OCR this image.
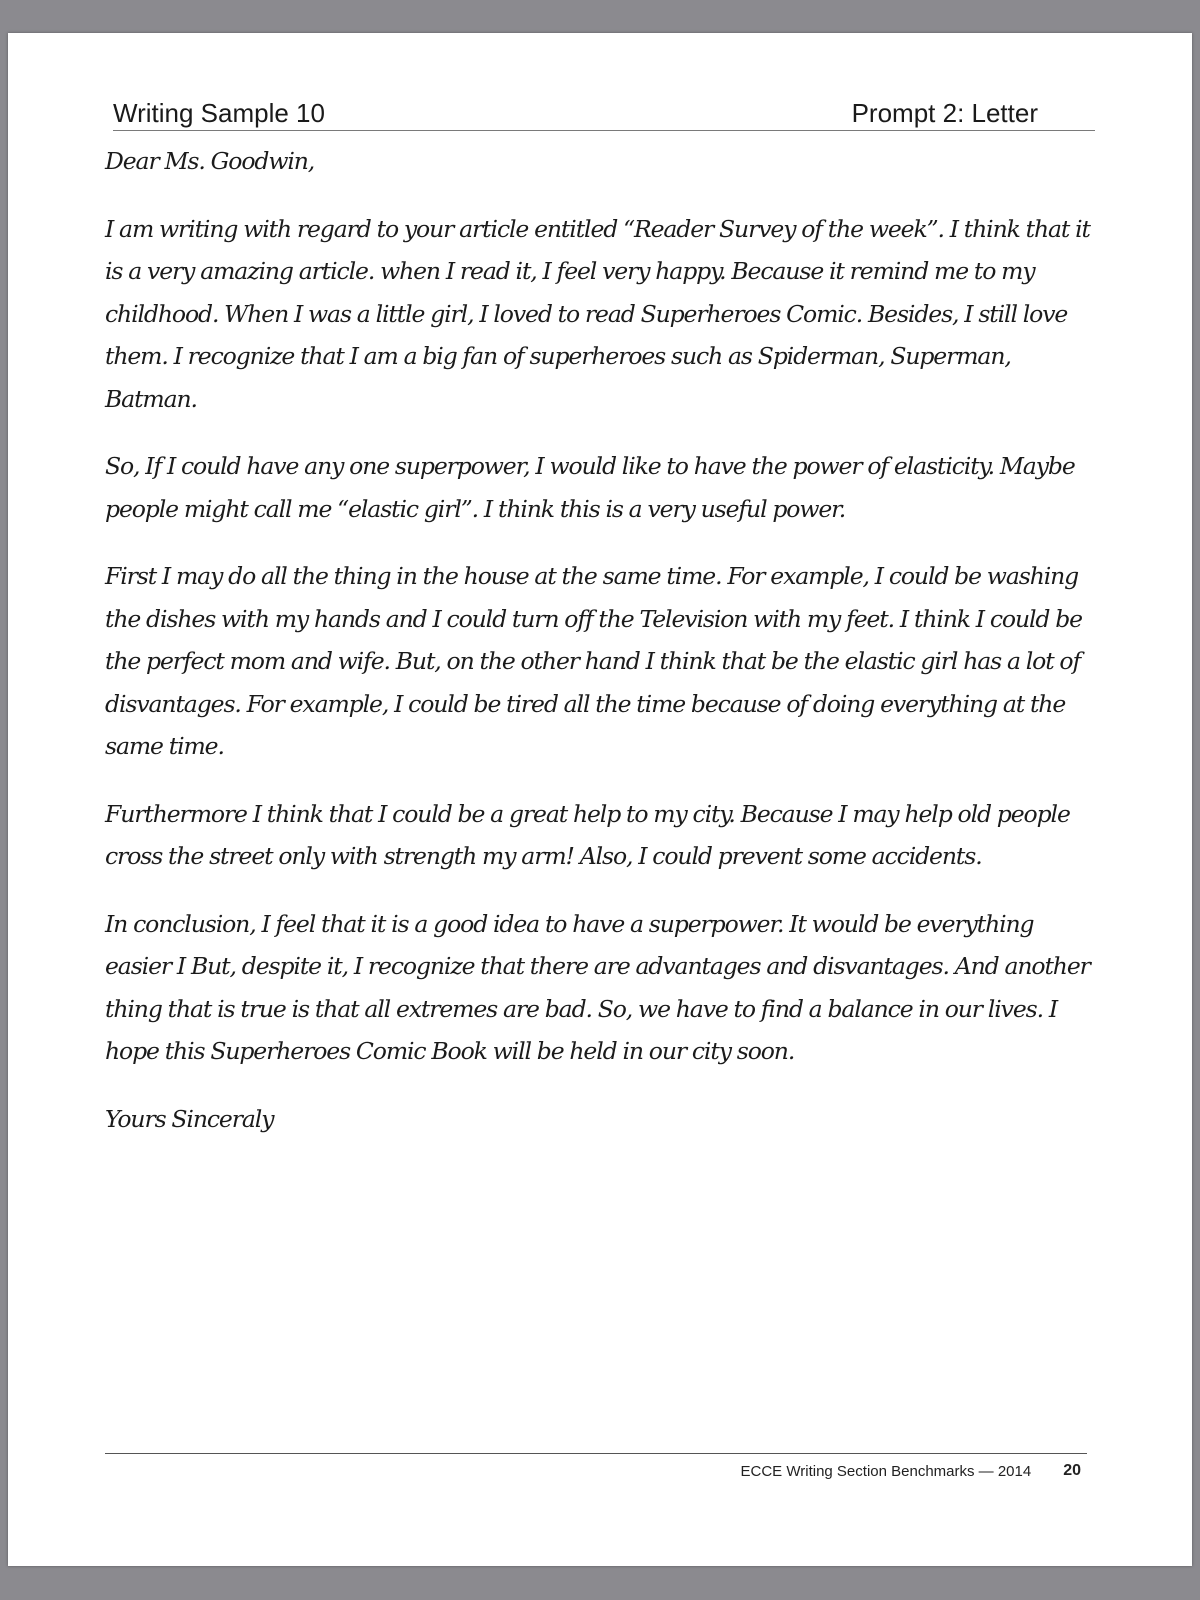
Writing Sample 10	Prompt 2: Letter

Dear Ms. Goodwin,

I am writing with regard to your article entitled “Reader Survey of the week”. I think that it is a very amazing article. when I read it, I feel very happy. Because it remind me to my childhood. When I was a little girl, I loved to read Superheroes Comic. Besides, I still love them. I recognize that I am a big fan of superheroes such as Spiderman, Superman, Batman.

So, If I could have any one superpower, I would like to have the power of elasticity. Maybe people might call me “elastic girl”. I think this is a very useful power.

First I may do all the thing in the house at the same time. For example, I could be washing the dishes with my hands and I could turn off the Television with my feet. I think I could be the perfect mom and wife. But, on the other hand I think that be the elastic girl has a lot of disvantages. For example, I could be tired all the time because of doing everything at the same time.

Furthermore I think that I could be a great help to my city. Because I may help old people cross the street only with strength my arm! Also, I could prevent some accidents.

In conclusion, I feel that it is a good idea to have a superpower. It would be everything easier I But, despite it, I recognize that there are advantages and disvantages. And another thing that is true is that all extremes are bad. So, we have to find a balance in our lives. I hope this Superheroes Comic Book will be held in our city soon.

Yours Sinceraly

ECCE Writing Section Benchmarks — 2014 20
